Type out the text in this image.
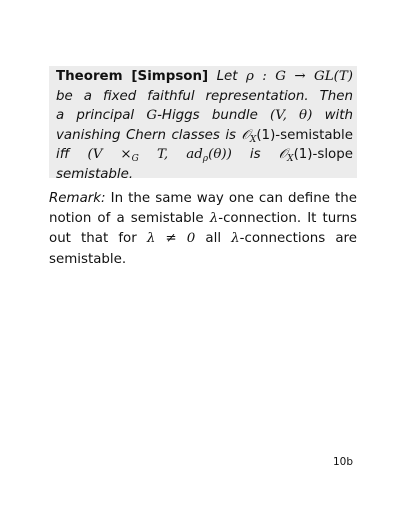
Theorem [Simpson] Let ρ : G → GL(T)
be a fixed faithful representation. Then
a principal G-Higgs bundle (V, θ) with
vanishing Chern classes is 𝒪$_X$(1)-semistable
iff ($V \times_G$ T, $ad_\rho(\theta)$) is 𝒪$_X$(1)-slope
semistable.
Remark: In the same way one can define the
notion of a semistable λ-connection. It turns
out that for λ ≠ 0 all λ-connections are
semistable.
10b
